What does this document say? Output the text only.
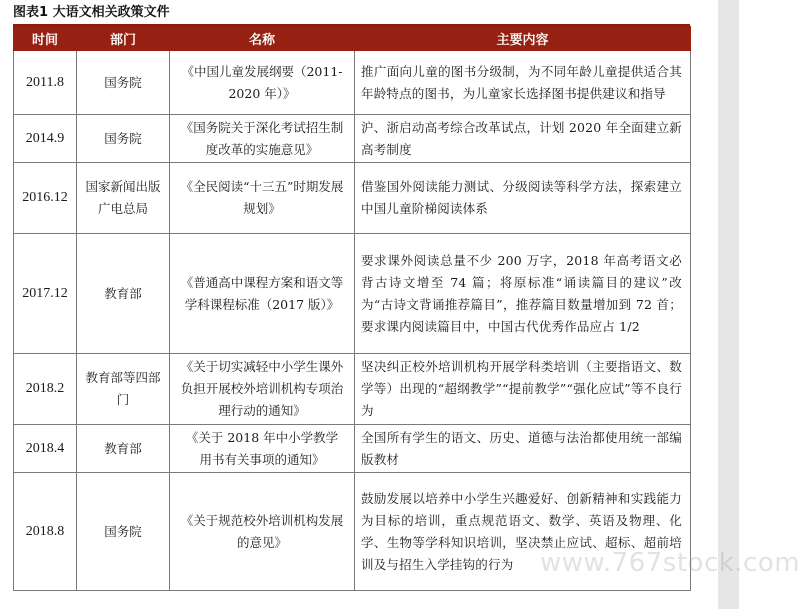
图表1 大语文相关政策文件
时间	部门	名称	主要内容
2011.8	国务院	《中国儿童发展纲要（2011-2020 年）》	推广面向儿童的图书分级制，为不同年龄儿童提供适合其年龄特点的图书，为儿童家长选择图书提供建议和指导
2014.9	国务院	《国务院关于深化考试招生制度改革的实施意见》	沪、浙启动高考综合改革试点，计划 2020 年全面建立新高考制度
2016.12	国家新闻出版广电总局	《全民阅读“十三五”时期发展规划》	借鉴国外阅读能力测试、分级阅读等科学方法，探索建立中国儿童阶梯阅读体系
2017.12	教育部	《普通高中课程方案和语文等学科课程标准（2017 版）》	要求课外阅读总量不少 200 万字，2018 年高考语文必背古诗文增至 74 篇；将原标准“诵读篇目的建议”改为“古诗文背诵推荐篇目”，推荐篇目数量增加到 72 首；要求课内阅读篇目中，中国古代优秀作品应占 1/2
2018.2	教育部等四部门	《关于切实减轻中小学生课外负担开展校外培训机构专项治理行动的通知》	坚决纠正校外培训机构开展学科类培训（主要指语文、数学等）出现的“超纲教学”“提前教学”“强化应试”等不良行为
2018.4	教育部	《关于 2018 年中小学教学用书有关事项的通知》	全国所有学生的语文、历史、道德与法治都使用统一部编版教材
2018.8	国务院	《关于规范校外培训机构发展的意见》	鼓励发展以培养中小学生兴趣爱好、创新精神和实践能力为目标的培训，重点规范语文、数学、英语及物理、化学、生物等学科知识培训，坚决禁止应试、超标、超前培训及与招生入学挂钩的行为 www.767stock.com
